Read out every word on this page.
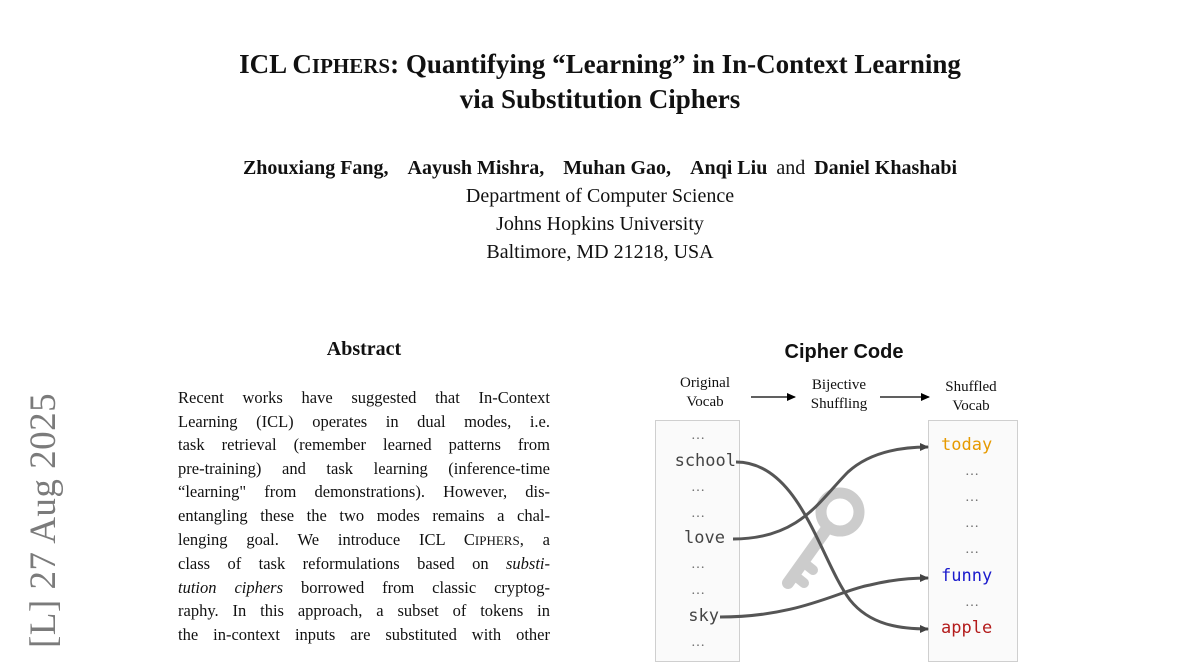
ICL CIPHERS: Quantifying “Learning” in In-Context Learning
via Substitution Ciphers
Zhouxiang Fang, Aayush Mishra, Muhan Gao, Anqi Liu and Daniel Khashabi
Department of Computer Science
Johns Hopkins University
Baltimore, MD 21218, USA
[L] 27 Aug 2025
Abstract
Recent works have suggested that In-Context
Learning (ICL) operates in dual modes, i.e.
task retrieval (remember learned patterns from
pre-training) and task learning (inference-time
“learning" from demonstrations). However, dis-
entangling these the two modes remains a chal-
lenging goal. We introduce ICL CIPHERS, a
class of task reformulations based on substi-
tution ciphers borrowed from classic cryptog-
raphy. In this approach, a subset of tokens in
the in-context inputs are substituted with other
Cipher Code
Original
Vocab
Bijective
Shuffling
Shuffled
Vocab
…
school
…
…
love
…
…
sky
…
today
…
…
…
…
funny
…
apple
